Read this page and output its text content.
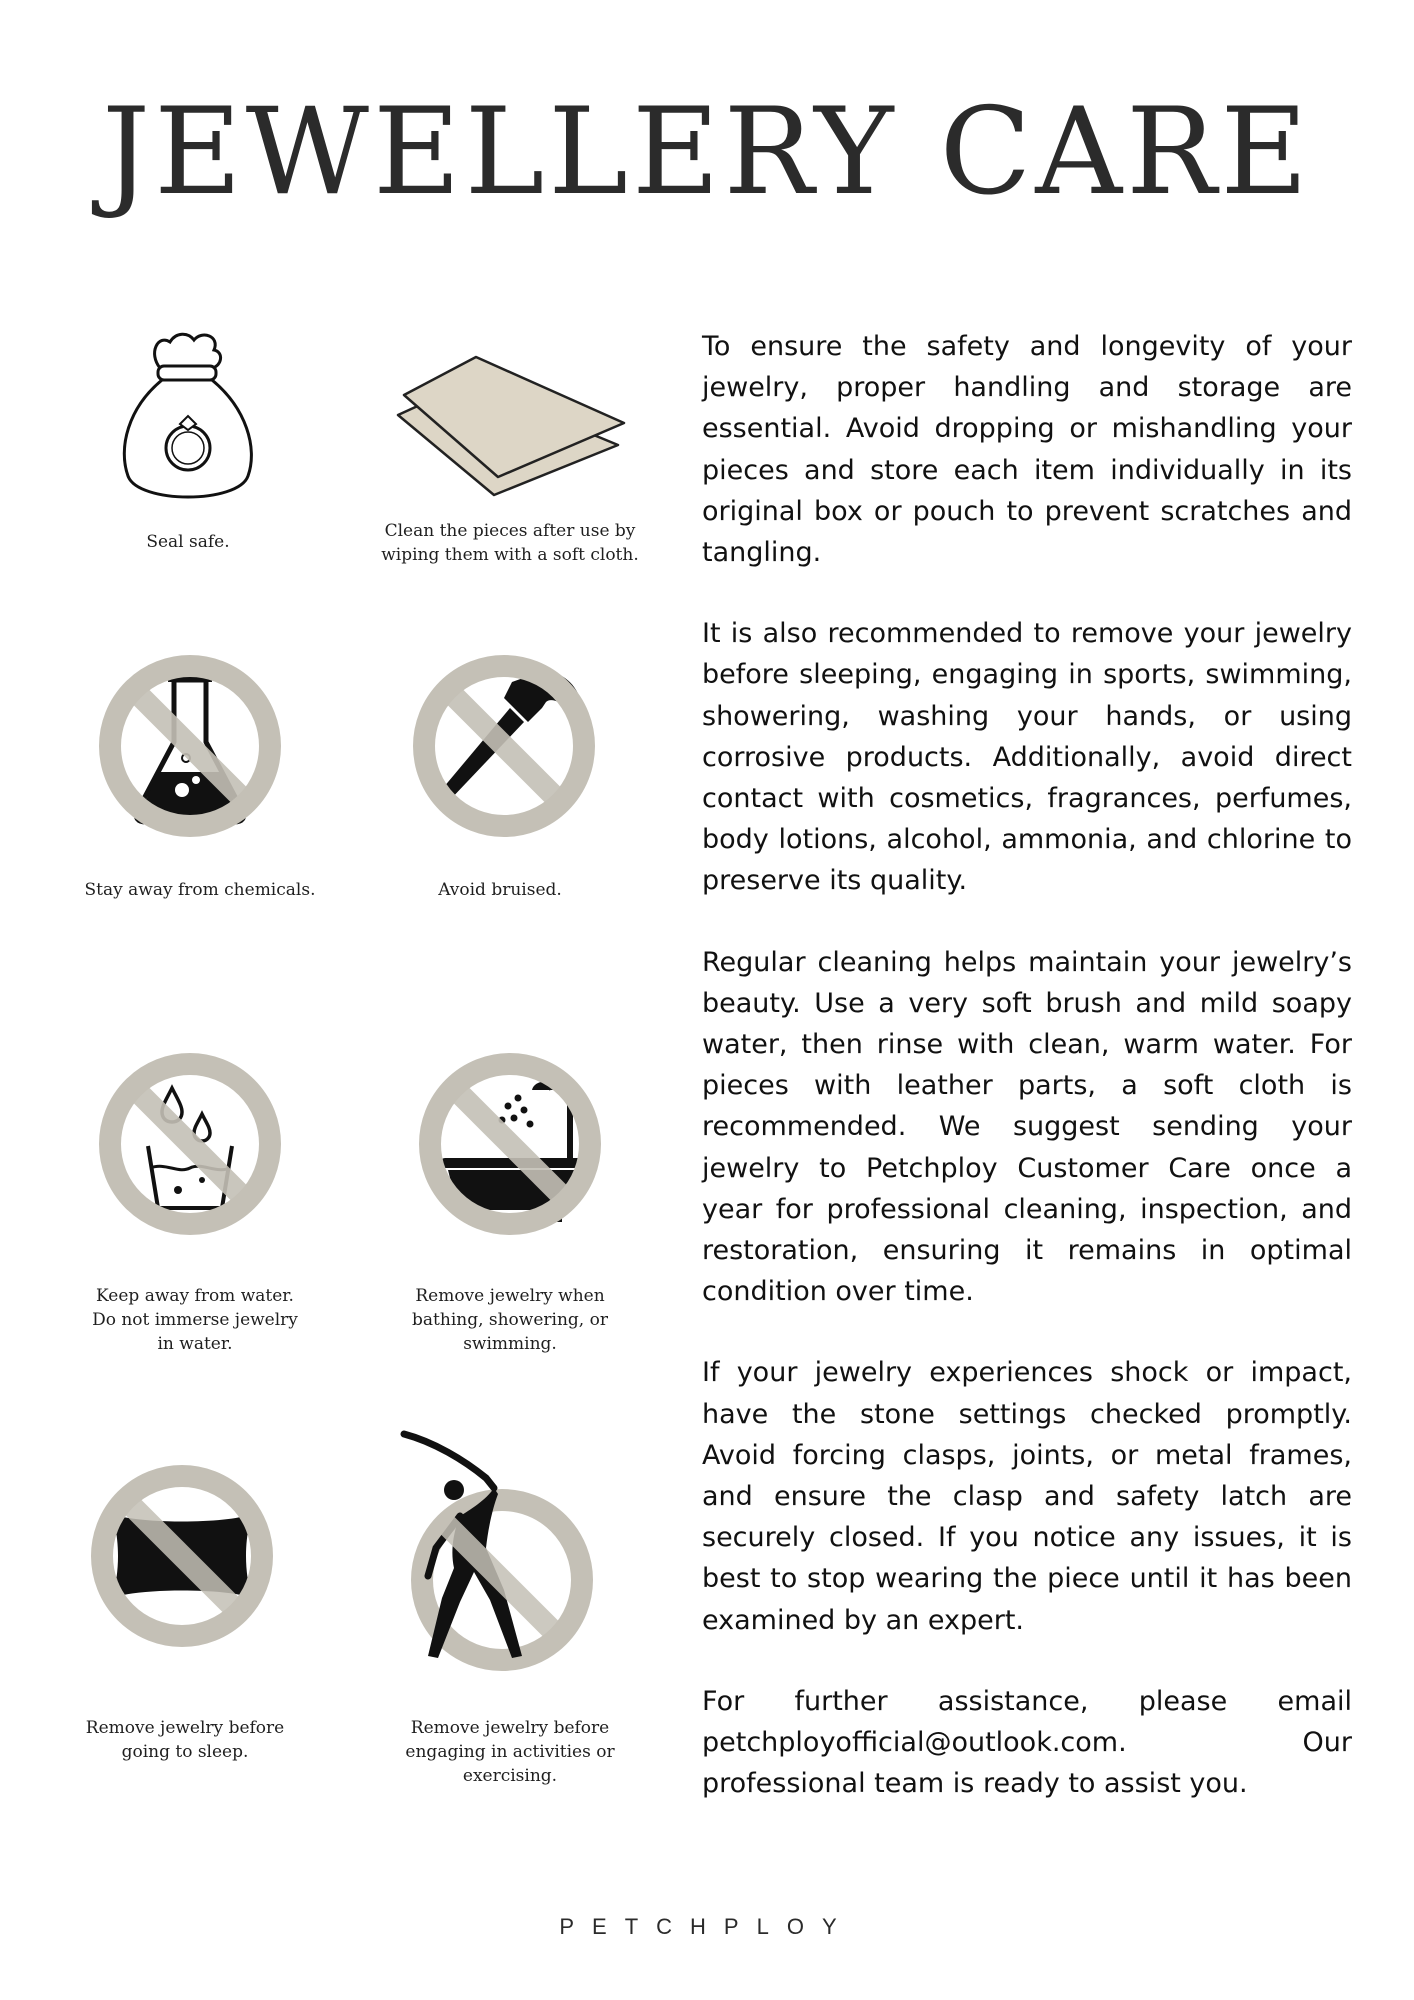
JEWELLERY CARE
Seal safe.
Clean the pieces after use by
wiping them with a soft cloth.
Stay away from chemicals.	Avoid bruised.
Keep away from water.
Do not immerse jewelry
in water.
Remove jewelry when
bathing, showering, or
swimming.
Remove jewelry before
going to sleep.
Remove jewelry before
engaging in activities or
exercising.

To ensure the safety and longevity of your jewelry, proper handling and storage are essential. Avoid dropping or mishandling your pieces and store each item individually in its original box or pouch to prevent scratches and tangling.

It is also recommended to remove your jewelry before sleeping, engaging in sports, swimming, showering, washing your hands, or using corrosive products. Additionally, avoid direct contact with cosmetics, fragrances, perfumes, body lotions, alcohol, ammonia, and chlorine to preserve its quality.

Regular cleaning helps maintain your jewelry’s beauty. Use a very soft brush and mild soapy water, then rinse with clean, warm water. For pieces with leather parts, a soft cloth is recommended. We suggest sending your jewelry to Petchploy Customer Care once a year for professional cleaning, inspection, and restoration, ensuring it remains in optimal condition over time.

If your jewelry experiences shock or impact, have the stone settings checked promptly. Avoid forcing clasps, joints, or metal frames, and ensure the clasp and safety latch are securely closed. If you notice any issues, it is best to stop wearing the piece until it has been examined by an expert.

For further assistance, please email petchployofficial@outlook.com. Our professional team is ready to assist you.

PETCHPLOY
